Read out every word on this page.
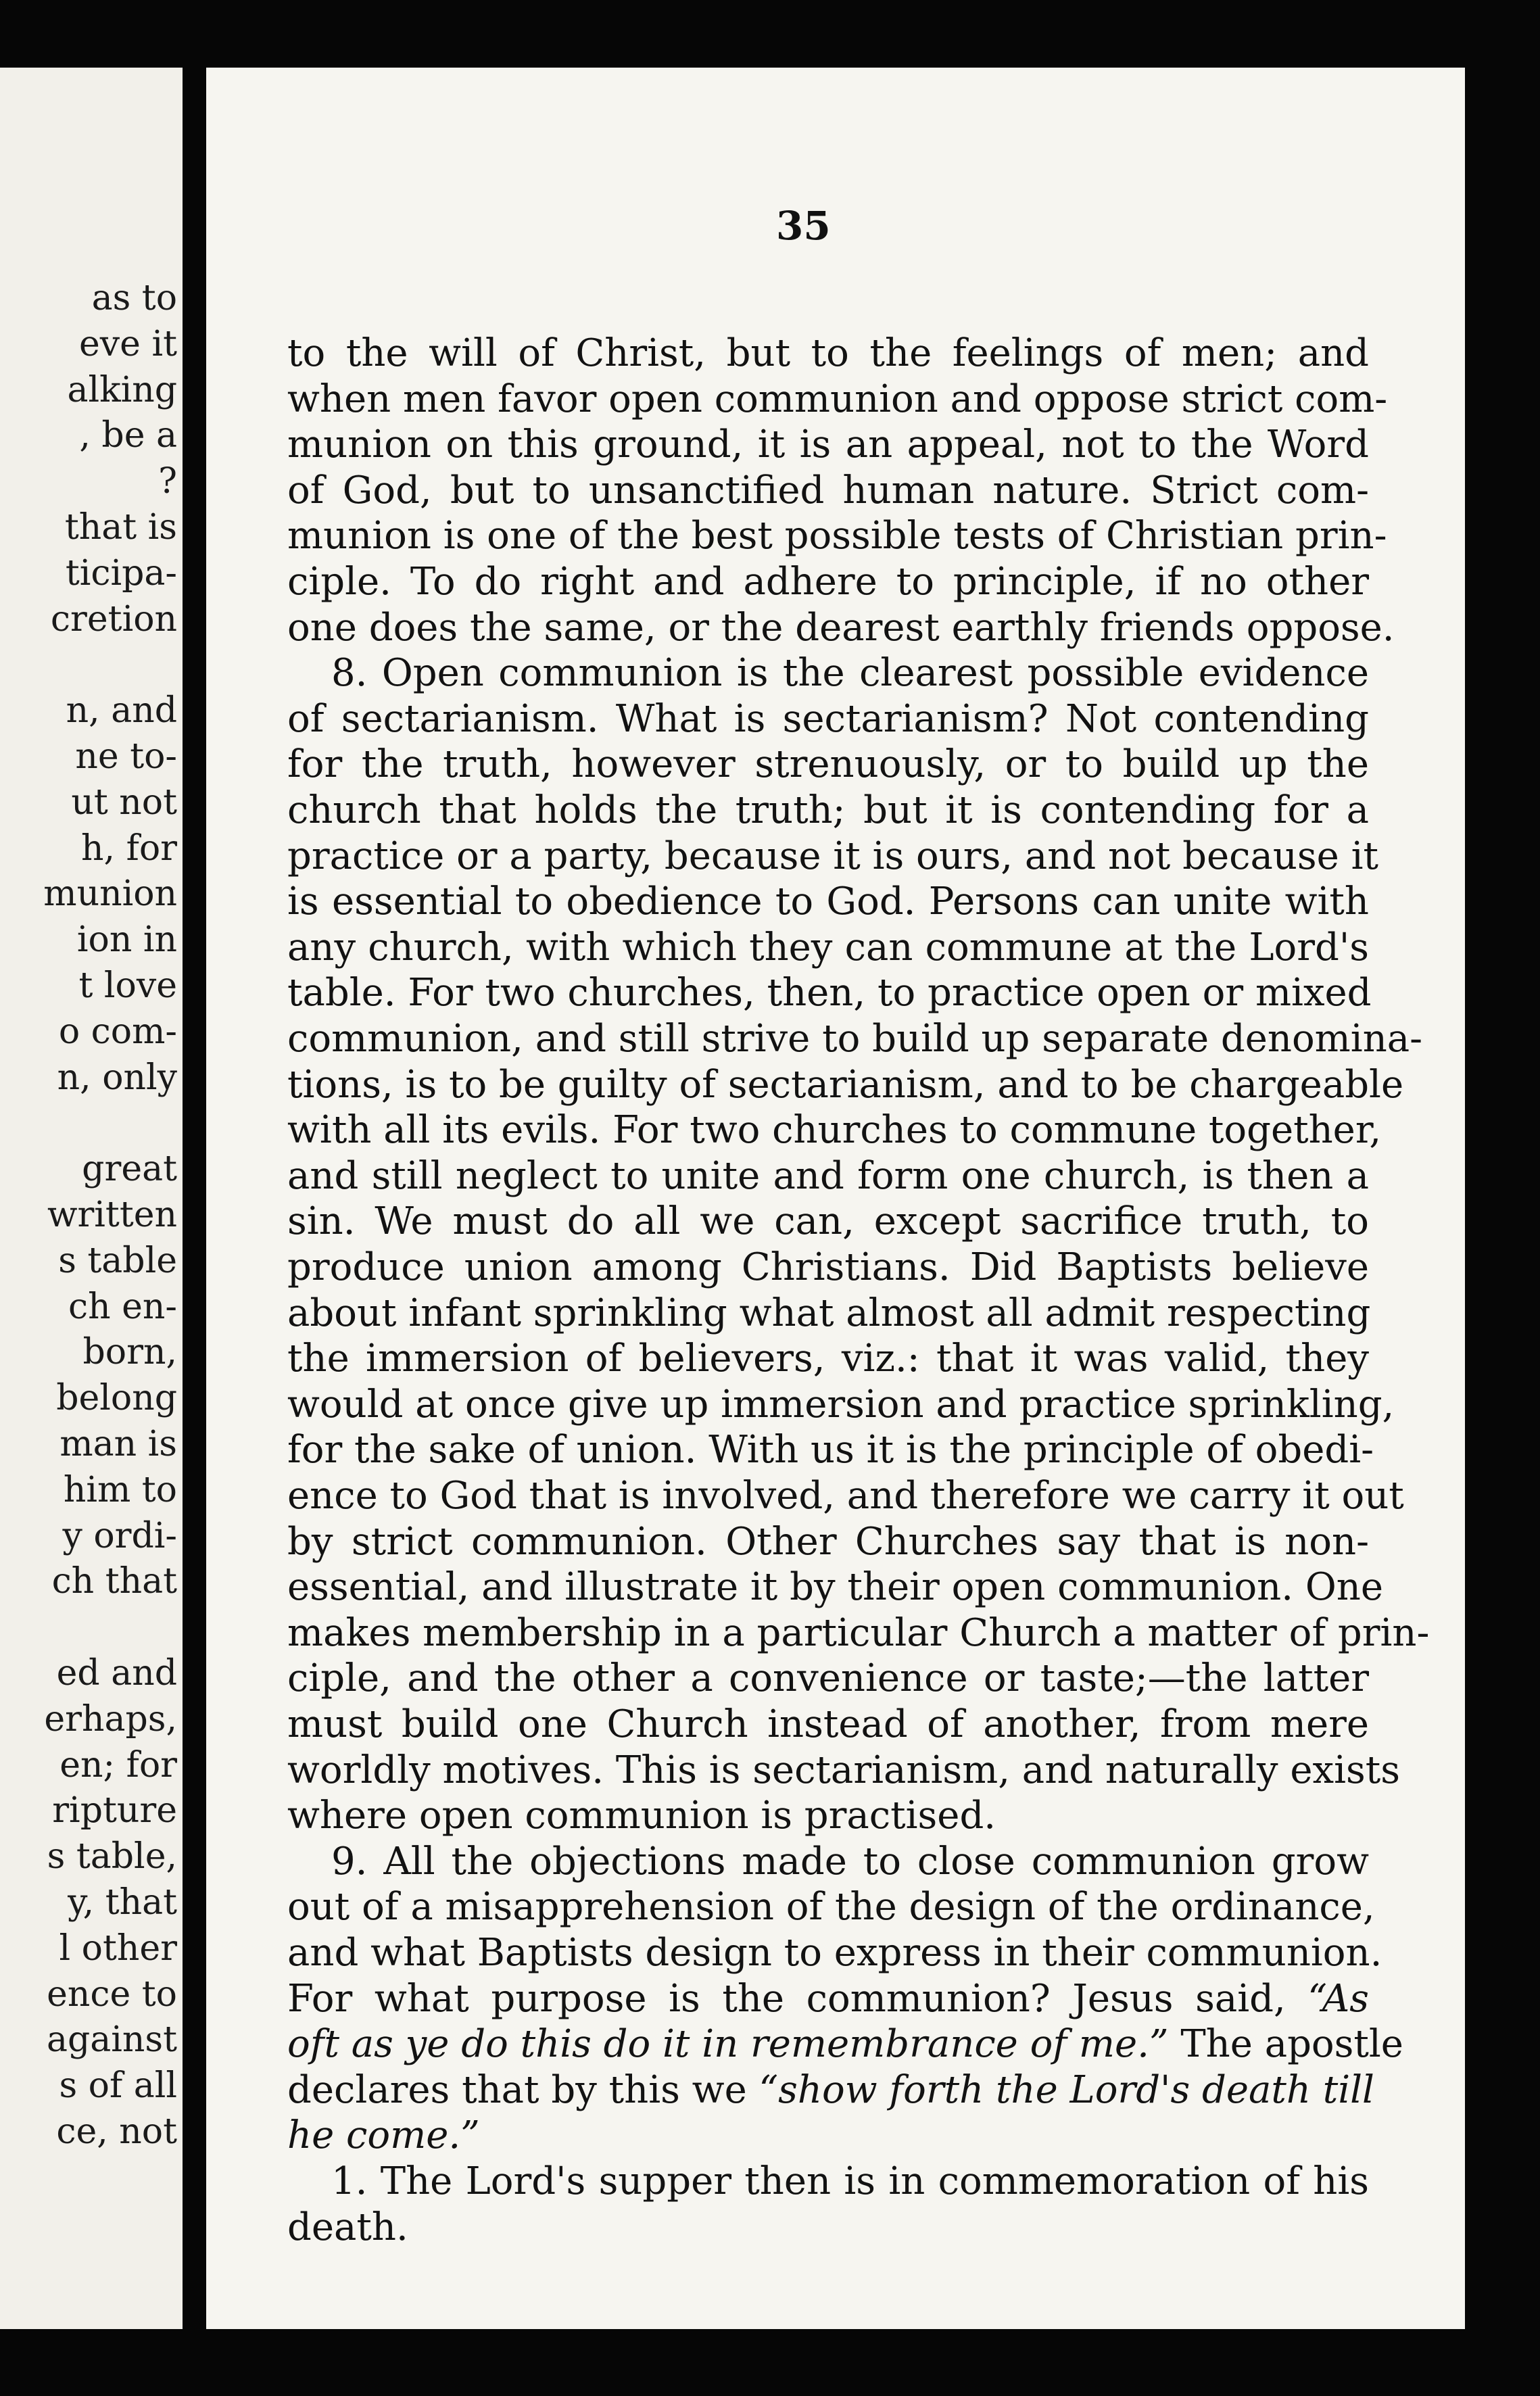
as to
eve it
alking
, be a
?
that is
ticipa-
cretion
n, and
ne to-
ut not
h, for
munion
ion in
t love
o com-
n, only
great
written
s table
ch en-
born,
belong
man is
him to
y ordi-
ch that
ed and
erhaps,
en; for
ripture
s table,
y, that
l other
ence to
against
s of all
ce, not
35
to the will of Christ, but to the feelings of men; and
when men favor open communion and oppose strict com-
munion on this ground, it is an appeal, not to the Word
of God, but to unsanctified human nature. Strict com-
munion is one of the best possible tests of Christian prin-
ciple. To do right and adhere to principle, if no other
one does the same, or the dearest earthly friends oppose.
8. Open communion is the clearest possible evidence
of sectarianism. What is sectarianism? Not contending
for the truth, however strenuously, or to build up the
church that holds the truth; but it is contending for a
practice or a party, because it is ours, and not because it
is essential to obedience to God. Persons can unite with
any church, with which they can commune at the Lord's
table. For two churches, then, to practice open or mixed
communion, and still strive to build up separate denomina-
tions, is to be guilty of sectarianism, and to be chargeable
with all its evils. For two churches to commune together,
and still neglect to unite and form one church, is then a
sin. We must do all we can, except sacrifice truth, to
produce union among Christians. Did Baptists believe
about infant sprinkling what almost all admit respecting
the immersion of believers, viz.: that it was valid, they
would at once give up immersion and practice sprinkling,
for the sake of union. With us it is the principle of obedi-
ence to God that is involved, and therefore we carry it out
by strict communion. Other Churches say that is non-
essential, and illustrate it by their open communion. One
makes membership in a particular Church a matter of prin-
ciple, and the other a convenience or taste;—the latter
must build one Church instead of another, from mere
worldly motives. This is sectarianism, and naturally exists
where open communion is practised.
9. All the objections made to close communion grow
out of a misapprehension of the design of the ordinance,
and what Baptists design to express in their communion.
For what purpose is the communion? Jesus said, “As
oft as ye do this do it in remembrance of me.” The apostle
declares that by this we “show forth the Lord's death till
he come.”
1. The Lord's supper then is in commemoration of his
death.
